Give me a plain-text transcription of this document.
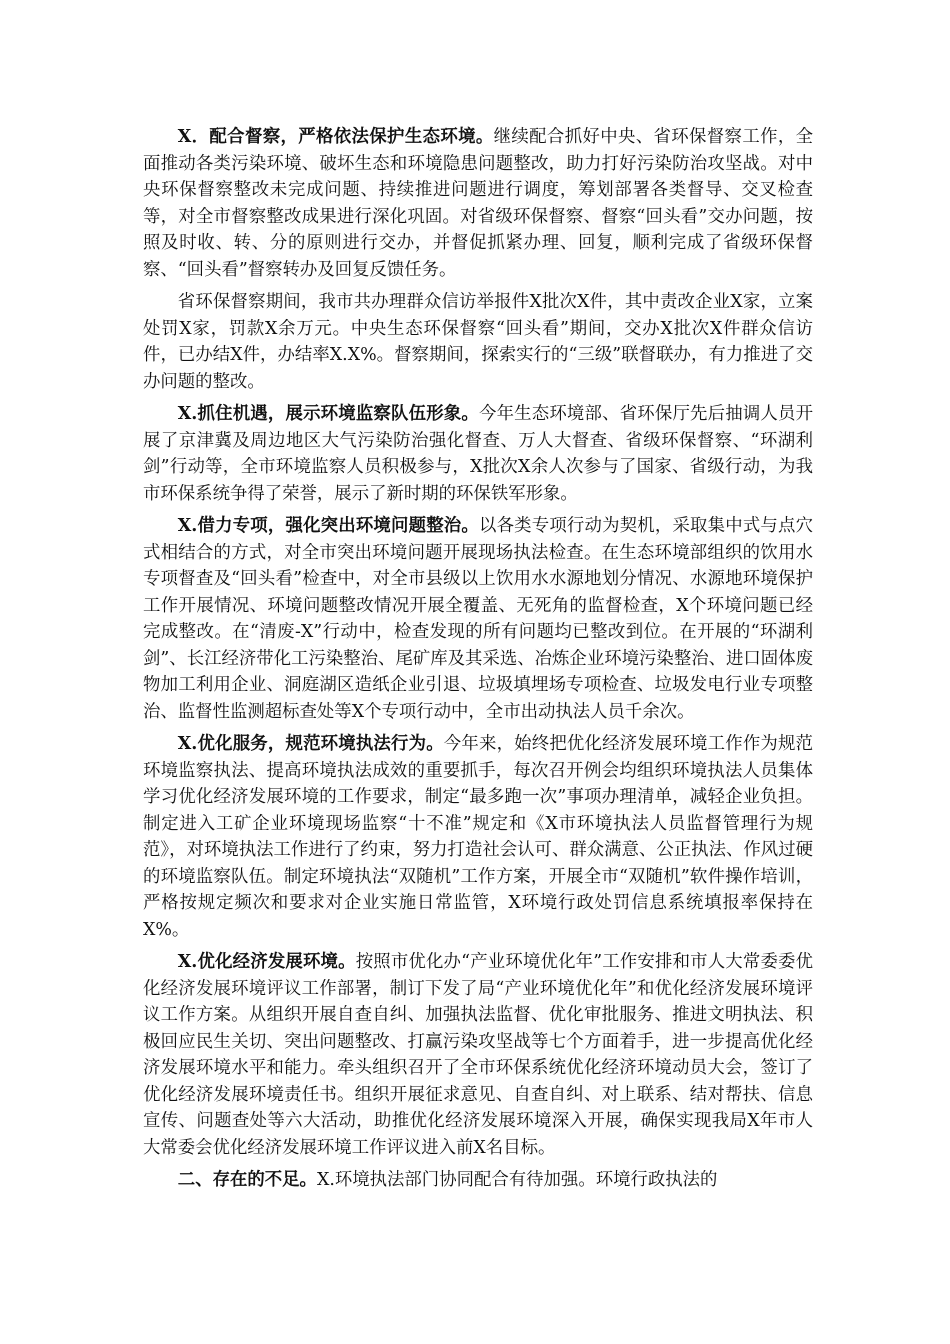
X．配合督察，严格依法保护生态环境。继续配合抓好中央、省环保督察工作，全面推动各类污染环境、破坏生态和环境隐患问题整改，助力打好污染防治攻坚战。对中央环保督察整改未完成问题、持续推进问题进行调度，筹划部署各类督导、交叉检查等，对全市督察整改成果进行深化巩固。对省级环保督察、督察“回头看”交办问题，按照及时收、转、分的原则进行交办，并督促抓紧办理、回复，顺利完成了省级环保督察、“回头看”督察转办及回复反馈任务。

省环保督察期间，我市共办理群众信访举报件X批次X件，其中责改企业X家，立案处罚X家，罚款X余万元。中央生态环保督察“回头看”期间，交办X批次X件群众信访件，已办结X件，办结率X.X%。督察期间，探索实行的“三级”联督联办，有力推进了交办问题的整改。

X.抓住机遇，展示环境监察队伍形象。今年生态环境部、省环保厅先后抽调人员开展了京津冀及周边地区大气污染防治强化督查、万人大督查、省级环保督察、“环湖利剑”行动等，全市环境监察人员积极参与，X批次X余人次参与了国家、省级行动，为我市环保系统争得了荣誉，展示了新时期的环保铁军形象。

X.借力专项，强化突出环境问题整治。以各类专项行动为契机，采取集中式与点穴式相结合的方式，对全市突出环境问题开展现场执法检查。在生态环境部组织的饮用水专项督查及“回头看”检查中，对全市县级以上饮用水水源地划分情况、水源地环境保护工作开展情况、环境问题整改情况开展全覆盖、无死角的监督检查，X个环境问题已经完成整改。在“清废-X”行动中，检查发现的所有问题均已整改到位。在开展的“环湖利剑”、长江经济带化工污染整治、尾矿库及其采选、冶炼企业环境污染整治、进口固体废物加工利用企业、洞庭湖区造纸企业引退、垃圾填埋场专项检查、垃圾发电行业专项整治、监督性监测超标查处等X个专项行动中，全市出动执法人员千余次。

X.优化服务，规范环境执法行为。今年来，始终把优化经济发展环境工作作为规范环境监察执法、提高环境执法成效的重要抓手，每次召开例会均组织环境执法人员集体学习优化经济发展环境的工作要求，制定“最多跑一次”事项办理清单，减轻企业负担。制定进入工矿企业环境现场监察“十不准”规定和《X市环境执法人员监督管理行为规范》，对环境执法工作进行了约束，努力打造社会认可、群众满意、公正执法、作风过硬的环境监察队伍。制定环境执法“双随机”工作方案，开展全市“双随机”软件操作培训，严格按规定频次和要求对企业实施日常监管，X环境行政处罚信息系统填报率保持在X%。

X.优化经济发展环境。按照市优化办“产业环境优化年”工作安排和市人大常委委优化经济发展环境评议工作部署，制订下发了局“产业环境优化年”和优化经济发展环境评议工作方案。从组织开展自查自纠、加强执法监督、优化审批服务、推进文明执法、积极回应民生关切、突出问题整改、打赢污染攻坚战等七个方面着手，进一步提高优化经济发展环境水平和能力。牵头组织召开了全市环保系统优化经济环境动员大会，签订了优化经济发展环境责任书。组织开展征求意见、自查自纠、对上联系、结对帮扶、信息宣传、问题查处等六大活动，助推优化经济发展环境深入开展，确保实现我局X年市人大常委会优化经济发展环境工作评议进入前X名目标。

二、存在的不足。X.环境执法部门协同配合有待加强。环境行政执法的
